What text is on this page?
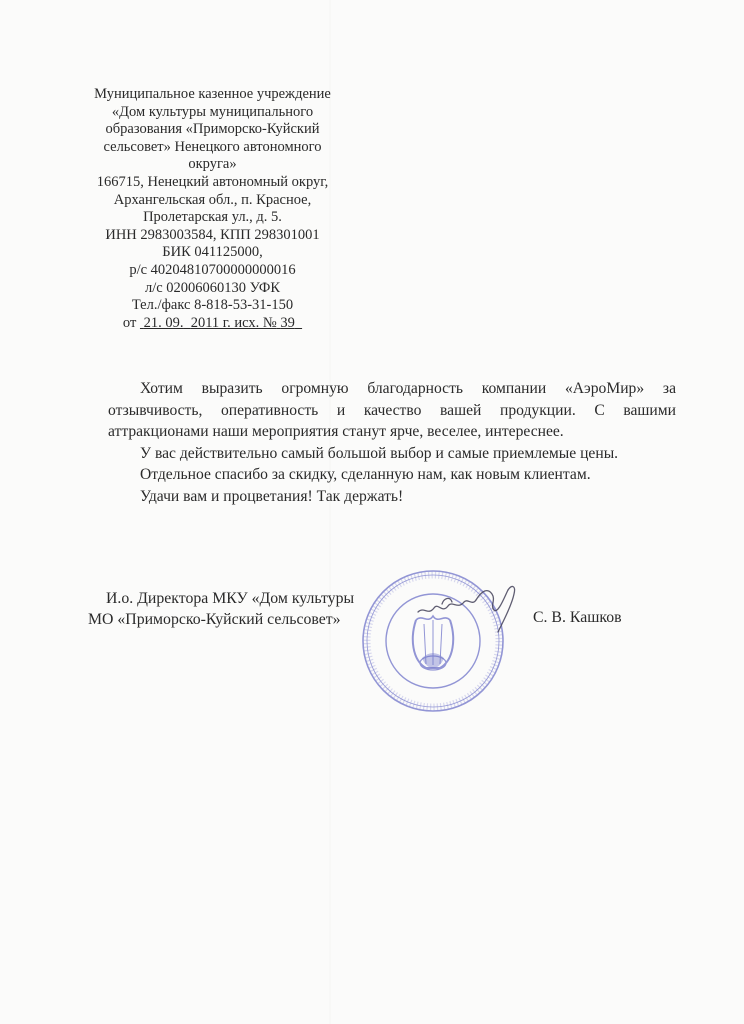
Муниципальное казенное учреждение
«Дом культуры муниципального
образования «Приморско-Куйский
сельсовет» Ненецкого автономного
округа»
166715, Ненецкий автономный округ,
Архангельская обл., п. Красное,
Пролетарская ул., д. 5.
ИНН 2983003584, КПП 298301001
БИК 041125000,
р/с 40204810700000000016
л/с 02006060130 УФК
Тел./факс 8-818-53-31-150
от 21. 09. 2011 г. исх. № 39

Хотим выразить огромную благодарность компании «АэроМир» за отзывчивость, оперативность и качество вашей продукции. С вашими аттракционами наши мероприятия станут ярче, веселее, интереснее.

У вас действительно самый большой выбор и самые приемлемые цены.

Отдельное спасибо за скидку, сделанную нам, как новым клиентам.

Удачи вам и процветания! Так держать!

И.о. Директора МКУ «Дом культуры
МО «Приморско-Куйский сельсовет»	С. В. Кашков
